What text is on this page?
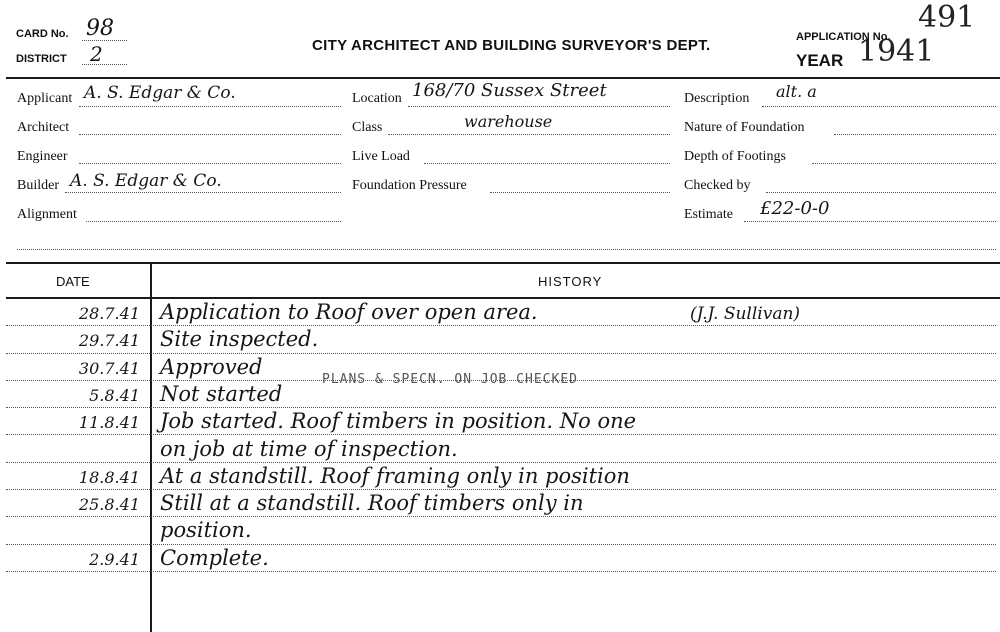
CARD No. 98
DISTRICT 2	CITY ARCHITECT AND BUILDING SURVEYOR'S DEPT.	APPLICATION No.
491
YEAR 1941
Applicant A. S. Edgar & Co.
Architect
Engineer
Builder A. S. Edgar & Co.
Alignment
Location 168/70 Sussex Street
Class	warehouse
Live Load
Foundation Pressure
Description alt. a
Nature of Foundation
Depth of Footings
Checked by
Estimate £22-0-0
DATE	HISTORY
28.7.41 Application to Roof over open area.	(J.J. Sullivan)
29.7.41 Site inspected.
30.7.41 Approved
5.8.41 Not started
11.8.41 Job started. Roof timbers in position. No one
on job at time of inspection.
18.8.41 At a standstill. Roof framing only in position
25.8.41 Still at a standstill. Roof timbers only in
position.
2.9.41 Complete.
PLANS & SPECN. ON JOB CHECKED
